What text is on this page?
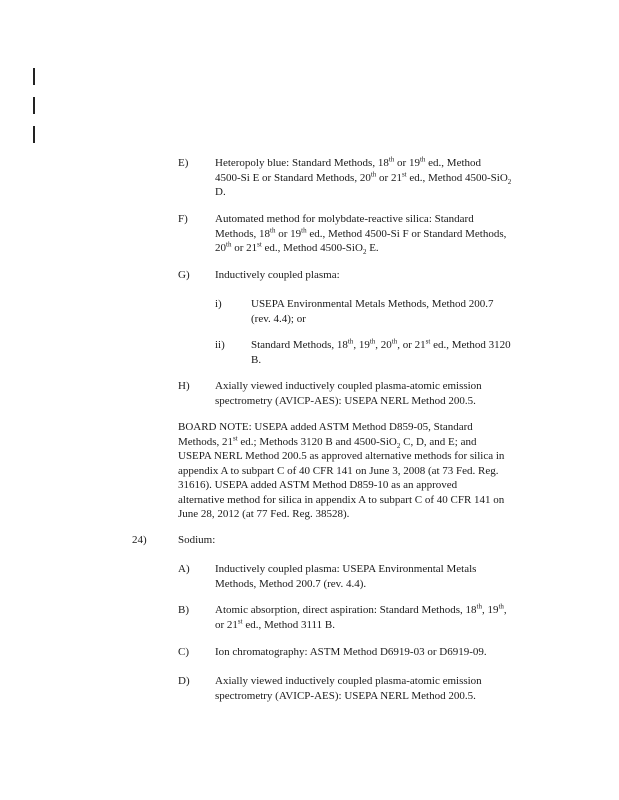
E) Heteropoly blue: Standard Methods, 18th or 19th ed., Method
4500-Si E or Standard Methods, 20th or 21st ed., Method 4500-SiO$_2$
D.
F) Automated method for molybdate-reactive silica: Standard
Methods, 18th or 19th ed., Method 4500-Si F or Standard Methods,
20th or 21st ed., Method 4500-SiO$_2$ E.
G) Inductively coupled plasma:
i)	USEPA Environmental Metals Methods, Method 200.7
(rev. 4.4); or
ii) Standard Methods, 18th, 19th, 20th, or 21st ed., Method 3120
B.
H) Axially viewed inductively coupled plasma-atomic emission
spectrometry (AVICP-AES): USEPA NERL Method 200.5.
BOARD NOTE: USEPA added ASTM Method D859-05, Standard
Methods, 21st ed.; Methods 3120 B and 4500-SiO$_2$ C, D, and E; and
USEPA NERL Method 200.5 as approved alternative methods for silica in
appendix A to subpart C of 40 CFR 141 on June 3, 2008 (at 73 Fed. Reg.
31616). USEPA added ASTM Method D859-10 as an approved
alternative method for silica in appendix A to subpart C of 40 CFR 141 on
June 28, 2012 (at 77 Fed. Reg. 38528).
24)	Sodium:
A) Inductively coupled plasma: USEPA Environmental Metals
Methods, Method 200.7 (rev. 4.4).
B) Atomic absorption, direct aspiration: Standard Methods, 18th, 19th,
or 21st ed., Method 3111 B.
C) Ion chromatography: ASTM Method D6919-03 or D6919-09.
D) Axially viewed inductively coupled plasma-atomic emission
spectrometry (AVICP-AES): USEPA NERL Method 200.5.
